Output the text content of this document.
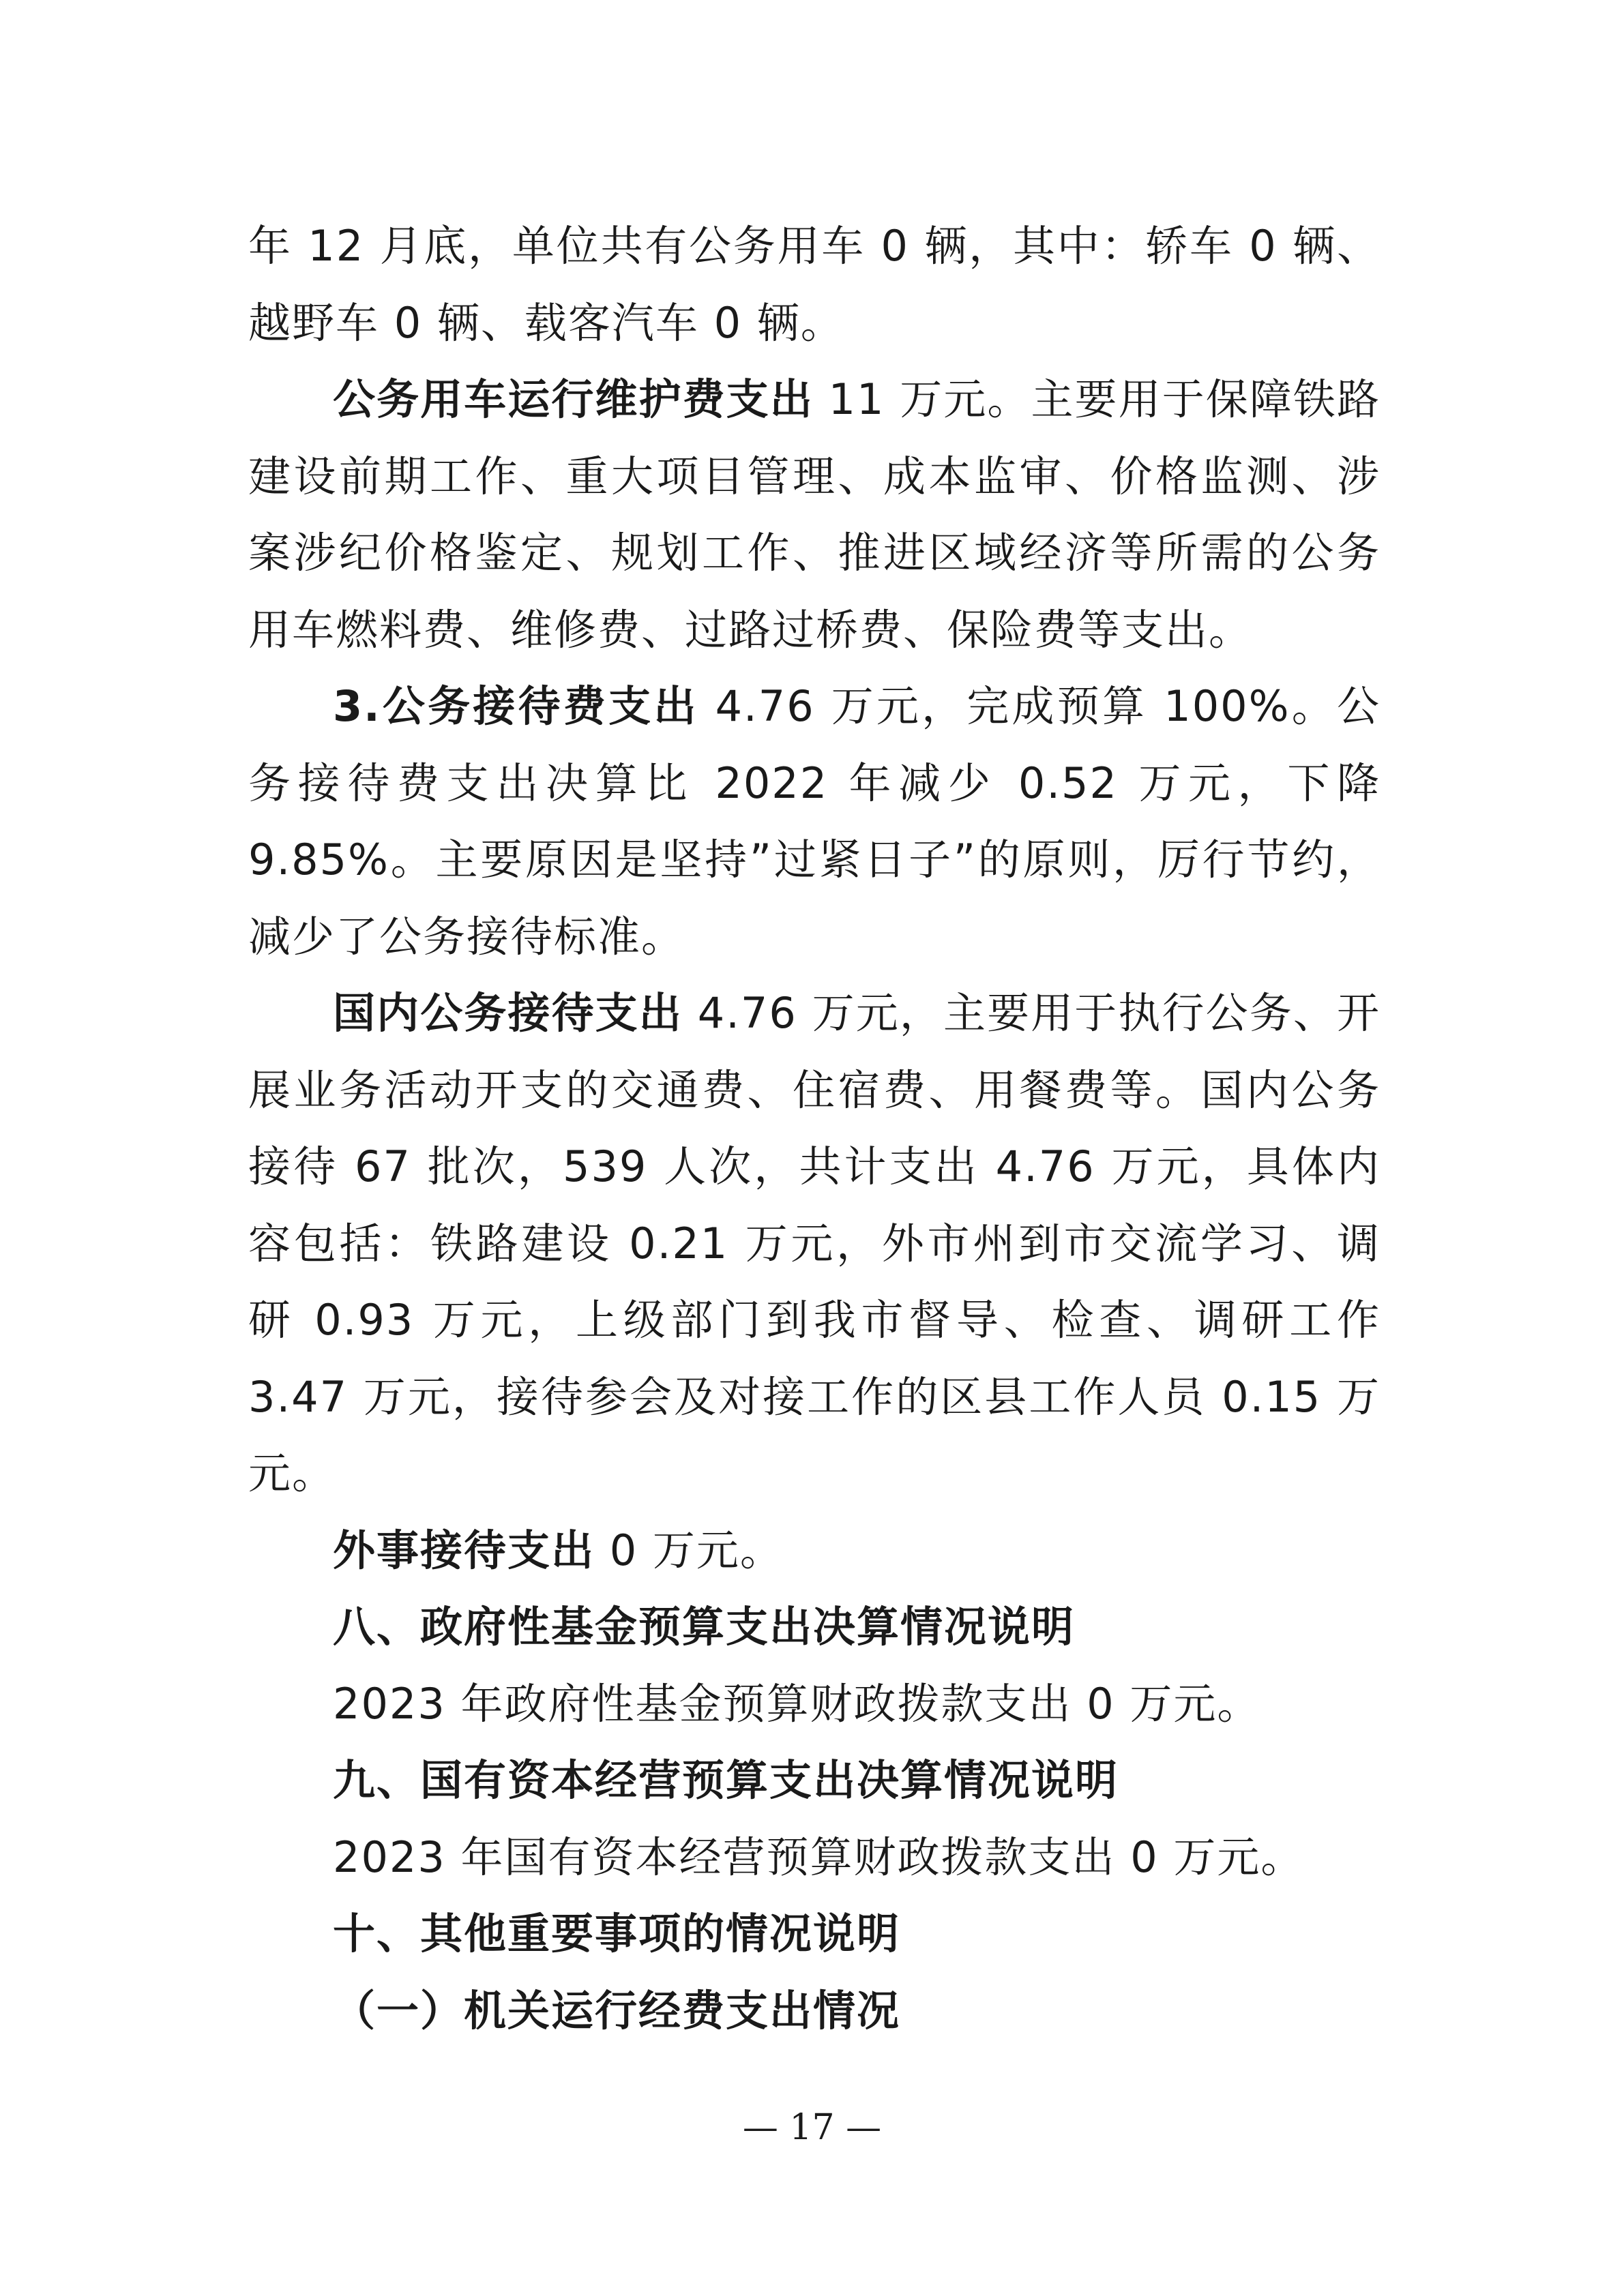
年 12 月底，单位共有公务用车 0 辆，其中：轿车 0 辆、越野车 0 辆、载客汽车 0 辆。

公务用车运行维护费支出 11 万元。主要用于保障铁路建设前期工作、重大项目管理、成本监审、价格监测、涉案涉纪价格鉴定、规划工作、推进区域经济等所需的公务用车燃料费、维修费、过路过桥费、保险费等支出。

3.公务接待费支出 4.76 万元，完成预算 100%。公务接待费支出决算比 2022 年减少 0.52 万元，下降 9.85%。主要原因是坚持”过紧日子”的原则，厉行节约，减少了公务接待标准。

国内公务接待支出 4.76 万元，主要用于执行公务、开展业务活动开支的交通费、住宿费、用餐费等。国内公务接待 67 批次，539 人次，共计支出 4.76 万元，具体内容包括：铁路建设 0.21 万元，外市州到市交流学习、调研 0.93 万元，上级部门到我市督导、检查、调研工作 3.47 万元，接待参会及对接工作的区县工作人员 0.15 万元。

外事接待支出 0 万元。

八、政府性基金预算支出决算情况说明

2023 年政府性基金预算财政拨款支出 0 万元。

九、国有资本经营预算支出决算情况说明

2023 年国有资本经营预算财政拨款支出 0 万元。

十、其他重要事项的情况说明

（一）机关运行经费支出情况

— 17 —
